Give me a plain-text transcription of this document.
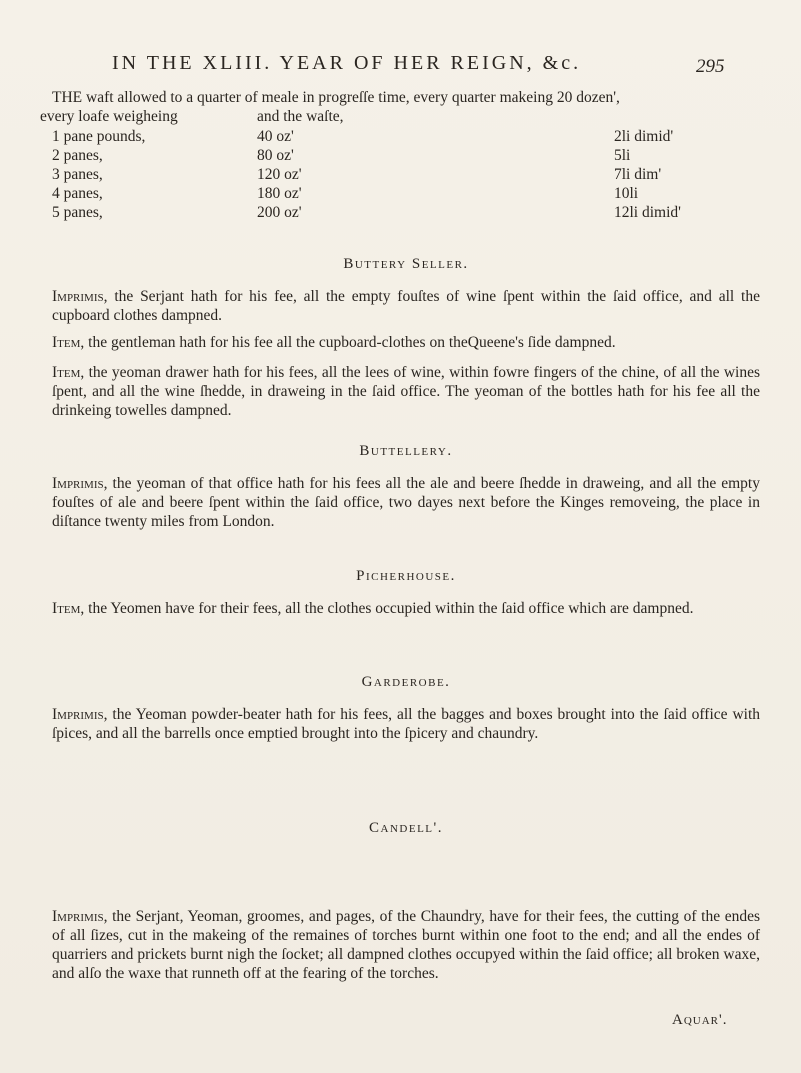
IN THE XLIII. YEAR OF HER REIGN, &c.	295
THE waft allowed to a quarter of meale in progreſſe time, every quarter makeing 20 dozen',
every loafe weigheing	and the waſte,
1 pane pounds,	40 oz'	2li dimid'
2 panes,	80 oz'	5li
3 panes,	120 oz'	7li dim'
4 panes,	180 oz'	10li
5 panes,	200 oz'	12li dimid'
Buttery Seller.
Imprimis, the Serjant hath for his fee, all the empty fouſtes of wine ſpent within the ſaid office, and all the cupboard clothes dampned.
Item, the gentleman hath for his fee all the cupboard-clothes on theQueene's ſide dampned.
Item, the yeoman drawer hath for his fees, all the lees of wine, within fowre fingers of the chine, of all the wines ſpent, and all the wine ſhedde, in draweing in the ſaid office. The yeoman of the bottles hath for his fee all the drinkeing towelles dampned.
Buttellery.
Imprimis, the yeoman of that office hath for his fees all the ale and beere ſhedde in draweing, and all the empty fouſtes of ale and beere ſpent within the ſaid office, two dayes next before the Kinges removeing, the place in diſtance twenty miles from London.
Picherhouse.
Item, the Yeomen have for their fees, all the clothes occupied within the ſaid office which are dampned.
Garderobe.
Imprimis, the Yeoman powder-beater hath for his fees, all the bagges and boxes brought into the ſaid office with ſpices, and all the barrells once emptied brought into the ſpicery and chaundry.
Candell'.
Imprimis, the Serjant, Yeoman, groomes, and pages, of the Chaundry, have for their fees, the cutting of the endes of all ſizes, cut in the makeing of the remaines of torches burnt within one foot to the end; and all the endes of quarriers and prickets burnt nigh the ſocket; all dampned clothes occupyed within the ſaid office; all broken waxe, and alſo the waxe that runneth off at the fearing of the torches.
Aquar'.
